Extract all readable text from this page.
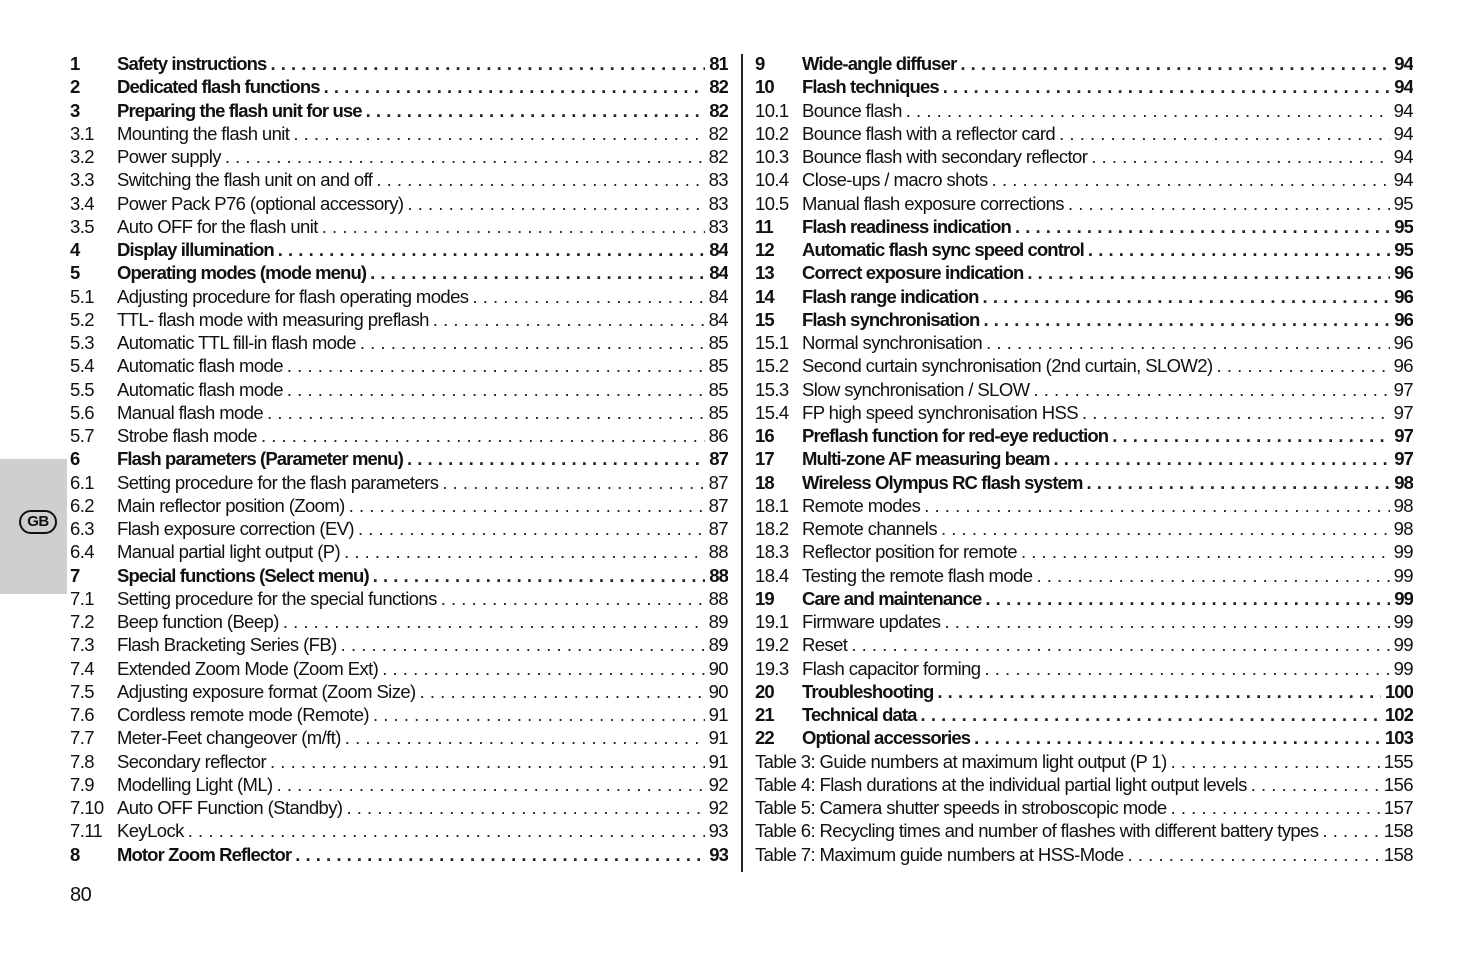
GB
1	Safety instructions . . .	81
2	Dedicated flash functions . . .	82
3	Preparing the flash unit for use . . .	82
3.1	Mounting the flash unit . . .	82
3.2	Power supply . . .	82
3.3	Switching the flash unit on and off . . .	83
3.4	Power Pack P76 (optional accessory) . . .	83
3.5	Auto OFF for the flash unit . . .	83
4	Display illumination . . .	84
5	Operating modes (mode menu) . . .	84
5.1	Adjusting procedure for flash operating modes . . .	84
5.2	TTL- flash mode with measuring preflash . . .	84
5.3	Automatic TTL fill-in flash mode . . .	85
5.4	Automatic flash mode . . .	85
5.5	Automatic flash mode . . .	85
5.6	Manual flash mode . . .	85
5.7	Strobe flash mode . . .	86
6	Flash parameters (Parameter menu) . . .	87
6.1	Setting procedure for the flash parameters . . .	87
6.2	Main reflector position (Zoom) . . .	87
6.3	Flash exposure correction (EV) . . .	87
6.4	Manual partial light output (P) . . .	88
7	Special functions (Select menu) . . .	88
7.1	Setting procedure for the special functions . . .	88
7.2	Beep function (Beep) . . .	89
7.3	Flash Bracketing Series (FB) . . .	89
7.4	Extended Zoom Mode (Zoom Ext) . . .	90
7.5	Adjusting exposure format (Zoom Size) . . .	90
7.6	Cordless remote mode (Remote) . . .	91
7.7	Meter-Feet changeover (m/ft) . . .	91
7.8	Secondary reflector . . .	91
7.9	Modelling Light (ML) . . .	92
7.10 Auto OFF Function (Standby) . . .	92
7.11 KeyLock . . .	93
8	Motor Zoom Reflector . . .	93
9	Wide-angle diffuser . . .	94
10	Flash techniques . . .	94
10.1 Bounce flash . . .	94
10.2 Bounce flash with a reflector card . . .	94
10.3 Bounce flash with secondary reflector . . .	94
10.4 Close-ups / macro shots . . .	94
10.5 Manual flash exposure corrections . . .	95
11	Flash readiness indication . . .	95
12	Automatic flash sync speed control . . .	95
13	Correct exposure indication . . .	96
14	Flash range indication . . .	96
15	Flash synchronisation . . .	96
15.1 Normal synchronisation . . .	96
15.2 Second curtain synchronisation (2nd curtain, SLOW2) . . .	96
15.3 Slow synchronisation / SLOW . . .	97
15.4 FP high speed synchronisation HSS . . .	97
16	Preflash function for red-eye reduction . . .	97
17	Multi-zone AF measuring beam . . .	97
18	Wireless Olympus RC flash system . . .	98
18.1 Remote modes . . .	98
18.2 Remote channels . . .	98
18.3 Reflector position for remote . . .	99
18.4 Testing the remote flash mode . . .	99
19	Care and maintenance . . .	99
19.1 Firmware updates . . .	99
19.2 Reset . . .	99
19.3 Flash capacitor forming . . .	99
20	Troubleshooting . . .	100
21	Technical data . . .	102
22	Optional accessories . . .	103
Table 3: Guide numbers at maximum light output (P 1) . . .	155
Table 4: Flash durations at the individual partial light output levels . . .	156
Table 5: Camera shutter speeds in stroboscopic mode . . .	157
Table 6: Recycling times and number of flashes with different battery types . . .	158
Table 7: Maximum guide numbers at HSS-Mode . . .	158
80
